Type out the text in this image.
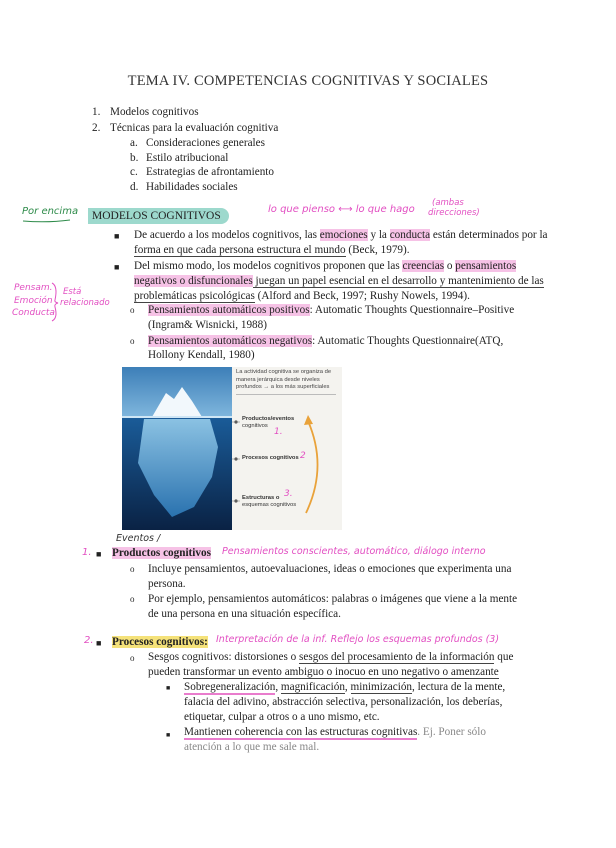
TEMA IV. COMPETENCIAS COGNITIVAS Y SOCIALES
1. Modelos cognitivos
2. Técnicas para la evaluación cognitiva
a. Consideraciones generales
b. Estilo atribucional
c. Estrategias de afrontamiento
d. Habilidades sociales
Por encima	lo que pienso ⟷ lo que hago
(ambas
direcciones)
MODELOS COGNITIVOS
■ De acuerdo a los modelos cognitivos, las emociones y la conducta están determinados por la
forma en que cada persona estructura el mundo (Beck, 1979).
■ Del mismo modo, los modelos cognitivos proponen que las creencias o pensamientos
negativos o disfuncionales juegan un papel esencial en el desarrollo y mantenimiento de las
problemáticas psicológicas (Alford and Beck, 1997; Rushy Nowels, 1994).
Pensam.
Emoción
Conducta
Está
relacionado
o Pensamientos automáticos positivos: Automatic Thoughts Questionnaire–Positive
(Ingram& Wisnicki, 1988)
o Pensamientos automáticos negativos: Automatic Thoughts Questionnaire(ATQ,
Hollony Kendall, 1980)
La actividad cognitiva se organiza de
manera jerárquica desde niveles
profundos → a los más superficiales
Productos/eventos
cognitivos
Procesos cognitivos
Estructuras o
esquemas cognitivos
1.
2
3.
Eventos /
1. ■ Productos cognitivos Pensamientos conscientes, automático, diálogo interno
o Incluye pensamientos, autoevaluaciones, ideas o emociones que experimenta una
persona.
o Por ejemplo, pensamientos automáticos: palabras o imágenes que viene a la mente
de una persona en una situación específica.
2. ■ Procesos cognitivos: Interpretación de la inf. Reflejo los esquemas profundos (3)
o Sesgos cognitivos: distorsiones o sesgos del procesamiento de la información que
pueden transformar un evento ambiguo o inocuo en uno negativo o amenzante
■ Sobregeneralización, magnificación, minimización, lectura de la mente,
falacia del adivino, abstracción selectiva, personalización, los deberías,
etiquetar, culpar a otros o a uno mismo, etc.
■ Mantienen coherencia con las estructuras cognitivas. Ej. Poner sólo
atención a lo que me sale mal.
